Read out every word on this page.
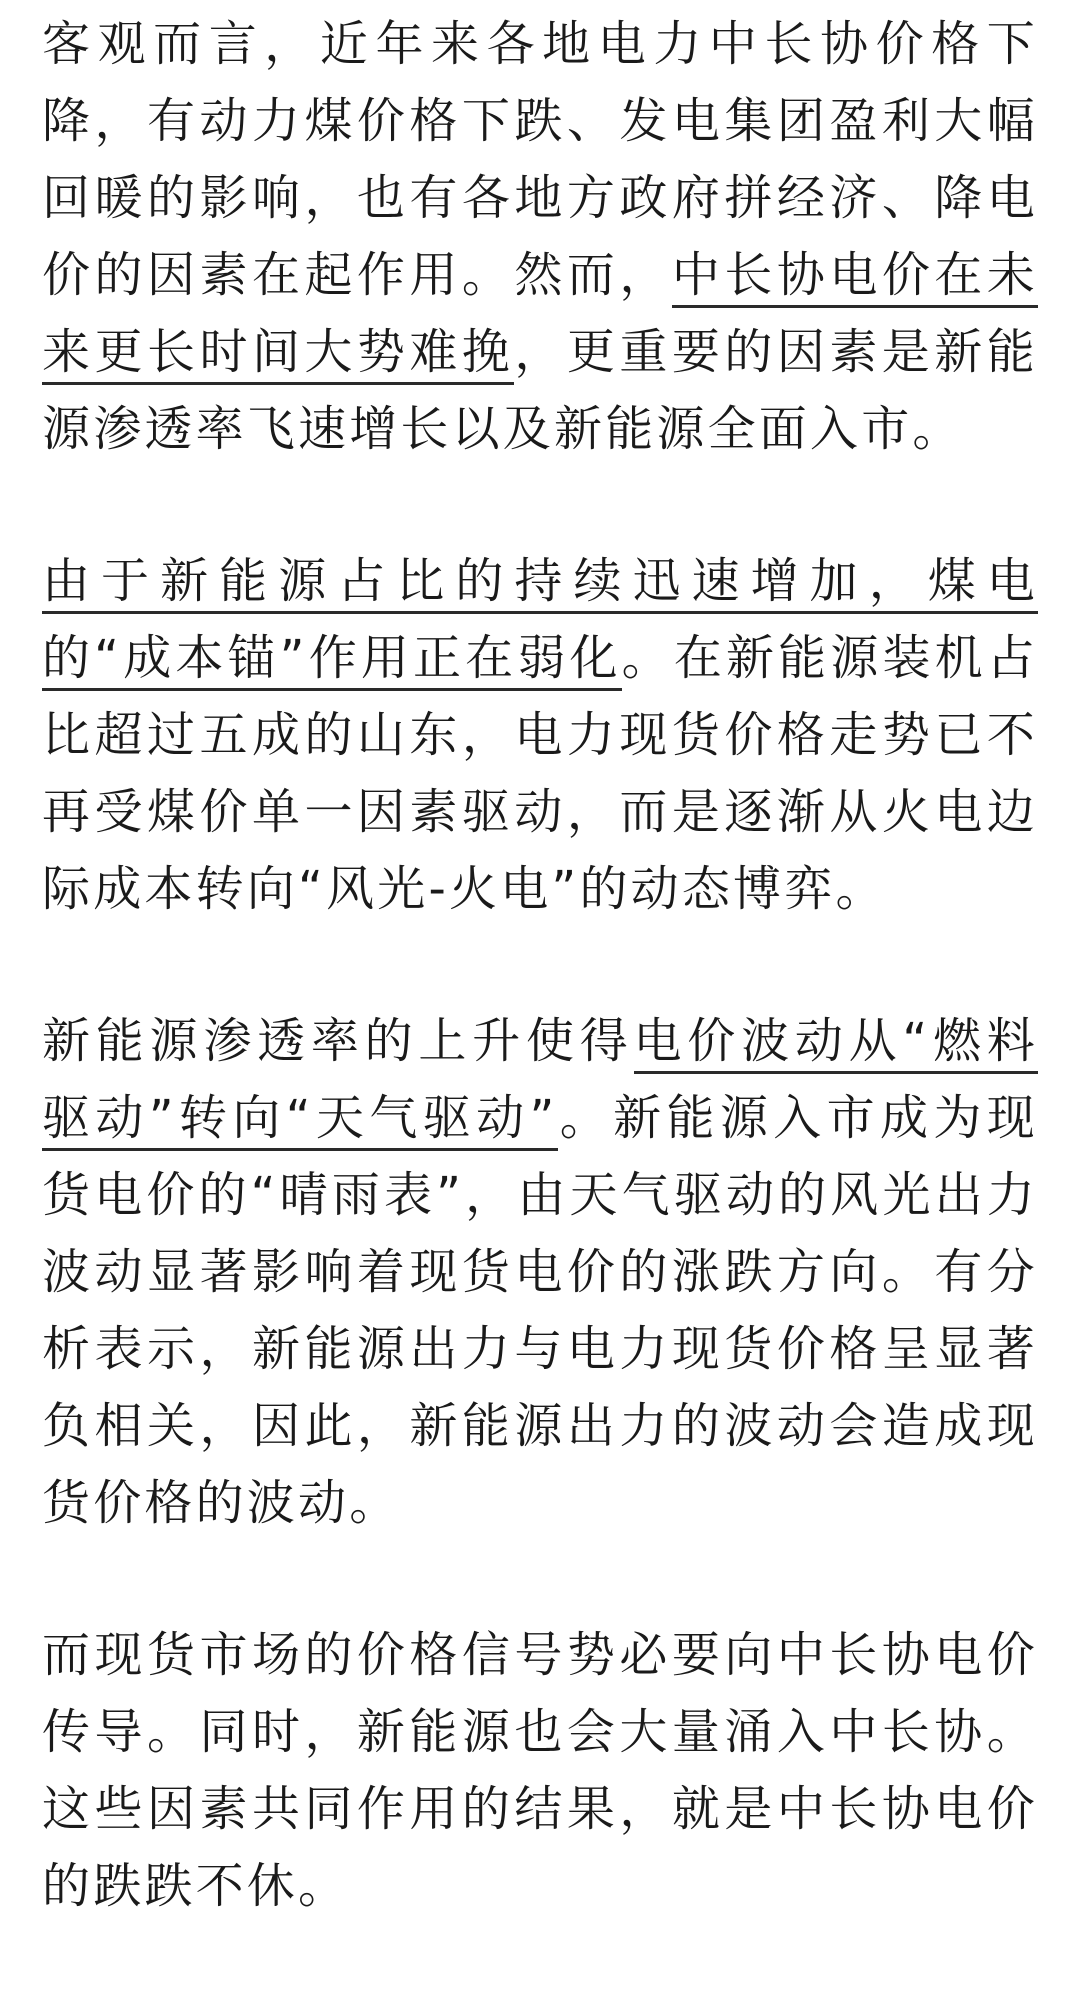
客观而言，近年来各地电力中长协价格下降，有动力煤价格下跌、发电集团盈利大幅回暖的影响，也有各地方政府拼经济、降电价的因素在起作用。然而，中长协电价在未来更长时间大势难挽，更重要的因素是新能源渗透率飞速增长以及新能源全面入市。

由于新能源占比的持续迅速增加，煤电的“成本锚”作用正在弱化。在新能源装机占比超过五成的山东，电力现货价格走势已不再受煤价单一因素驱动，而是逐渐从火电边际成本转向“风光-火电”的动态博弈。

新能源渗透率的上升使得电价波动从“燃料驱动”转向“天气驱动”。新能源入市成为现货电价的“晴雨表”，由天气驱动的风光出力波动显著影响着现货电价的涨跌方向。有分析表示，新能源出力与电力现货价格呈显著负相关，因此，新能源出力的波动会造成现货价格的波动。

而现货市场的价格信号势必要向中长协电价传导。同时，新能源也会大量涌入中长协。这些因素共同作用的结果，就是中长协电价的跌跌不休。
